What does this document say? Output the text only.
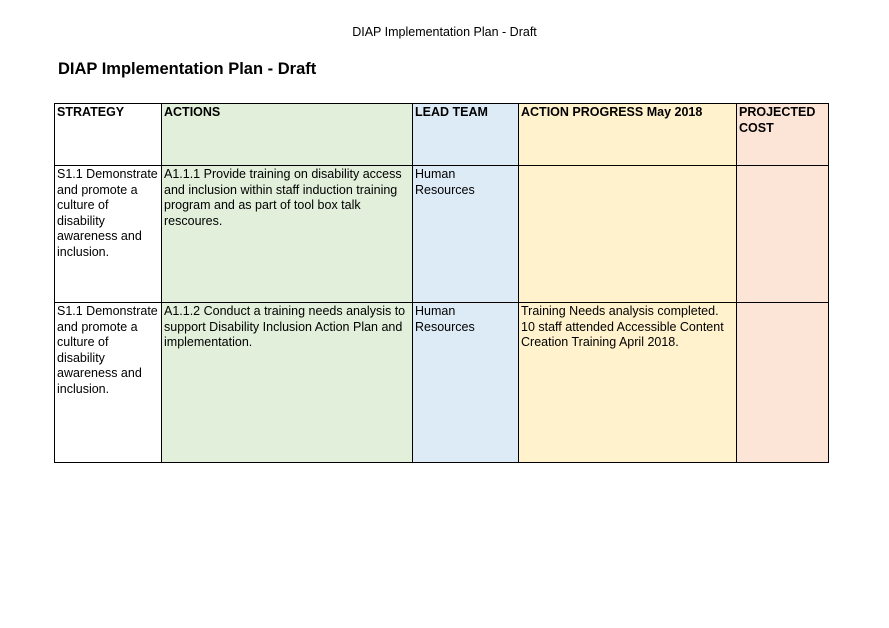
DIAP Implementation Plan - Draft
DIAP Implementation Plan - Draft
STRATEGY	ACTIONS	LEAD TEAM	ACTION PROGRESS May 2018	PROJECTED COST
S1.1 Demonstrate and promote a culture of disability awareness and inclusion.	A1.1.1 Provide training on disability access and inclusion within staff induction training program and as part of tool box talk rescoures.	Human Resources		
S1.1 Demonstrate and promote a culture of disability awareness and inclusion.	A1.1.2 Conduct a training needs analysis to support Disability Inclusion Action Plan and implementation.	Human Resources	Training Needs analysis completed. 10 staff attended Accessible Content Creation Training April 2018.	
